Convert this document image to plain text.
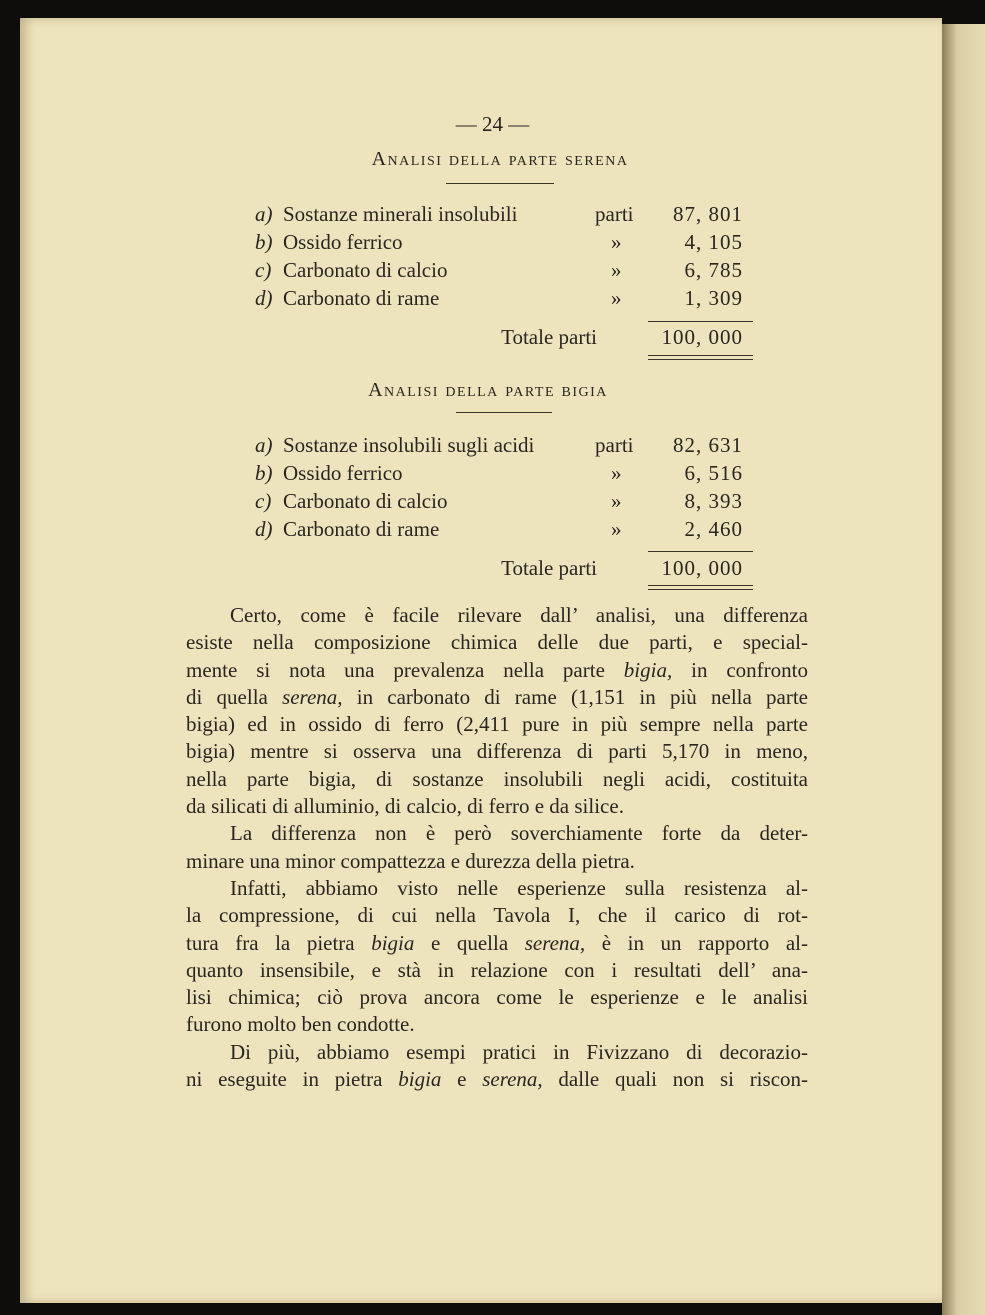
— 24 —
Analisi della parte serena
a) Sostanze minerali insolubili	parti	87, 801
b) Ossido ferrico	»	4, 105
c) Carbonato di calcio	»	6, 785
d) Carbonato di rame	»	1, 309
Totale parti	100, 000
Analisi della parte bigia
a) Sostanze insolubili sugli acidi	parti	82, 631
b) Ossido ferrico	»	6, 516
c) Carbonato di calcio	»	8, 393
d) Carbonato di rame	»	2, 460
Totale parti	100, 000
Certo, come è facile rilevare dall’ analisi, una differenza
esiste nella composizione chimica delle due parti, e special-
mente si nota una prevalenza nella parte bigia, in confronto
di quella serena, in carbonato di rame (1,151 in più nella parte
bigia) ed in ossido di ferro (2,411 pure in più sempre nella parte
bigia) mentre si osserva una differenza di parti 5,170 in meno,
nella parte bigia, di sostanze insolubili negli acidi, costituita
da silicati di alluminio, di calcio, di ferro e da silice.
La differenza non è però soverchiamente forte da deter-
minare una minor compattezza e durezza della pietra.
Infatti, abbiamo visto nelle esperienze sulla resistenza al-
la compressione, di cui nella Tavola I, che il carico di rot-
tura fra la pietra bigia e quella serena, è in un rapporto al-
quanto insensibile, e stà in relazione con i resultati dell’ ana-
lisi chimica; ciò prova ancora come le esperienze e le analisi
furono molto ben condotte.
Di più, abbiamo esempi pratici in Fivizzano di decorazio-
ni eseguite in pietra bigia e serena, dalle quali non si riscon-
